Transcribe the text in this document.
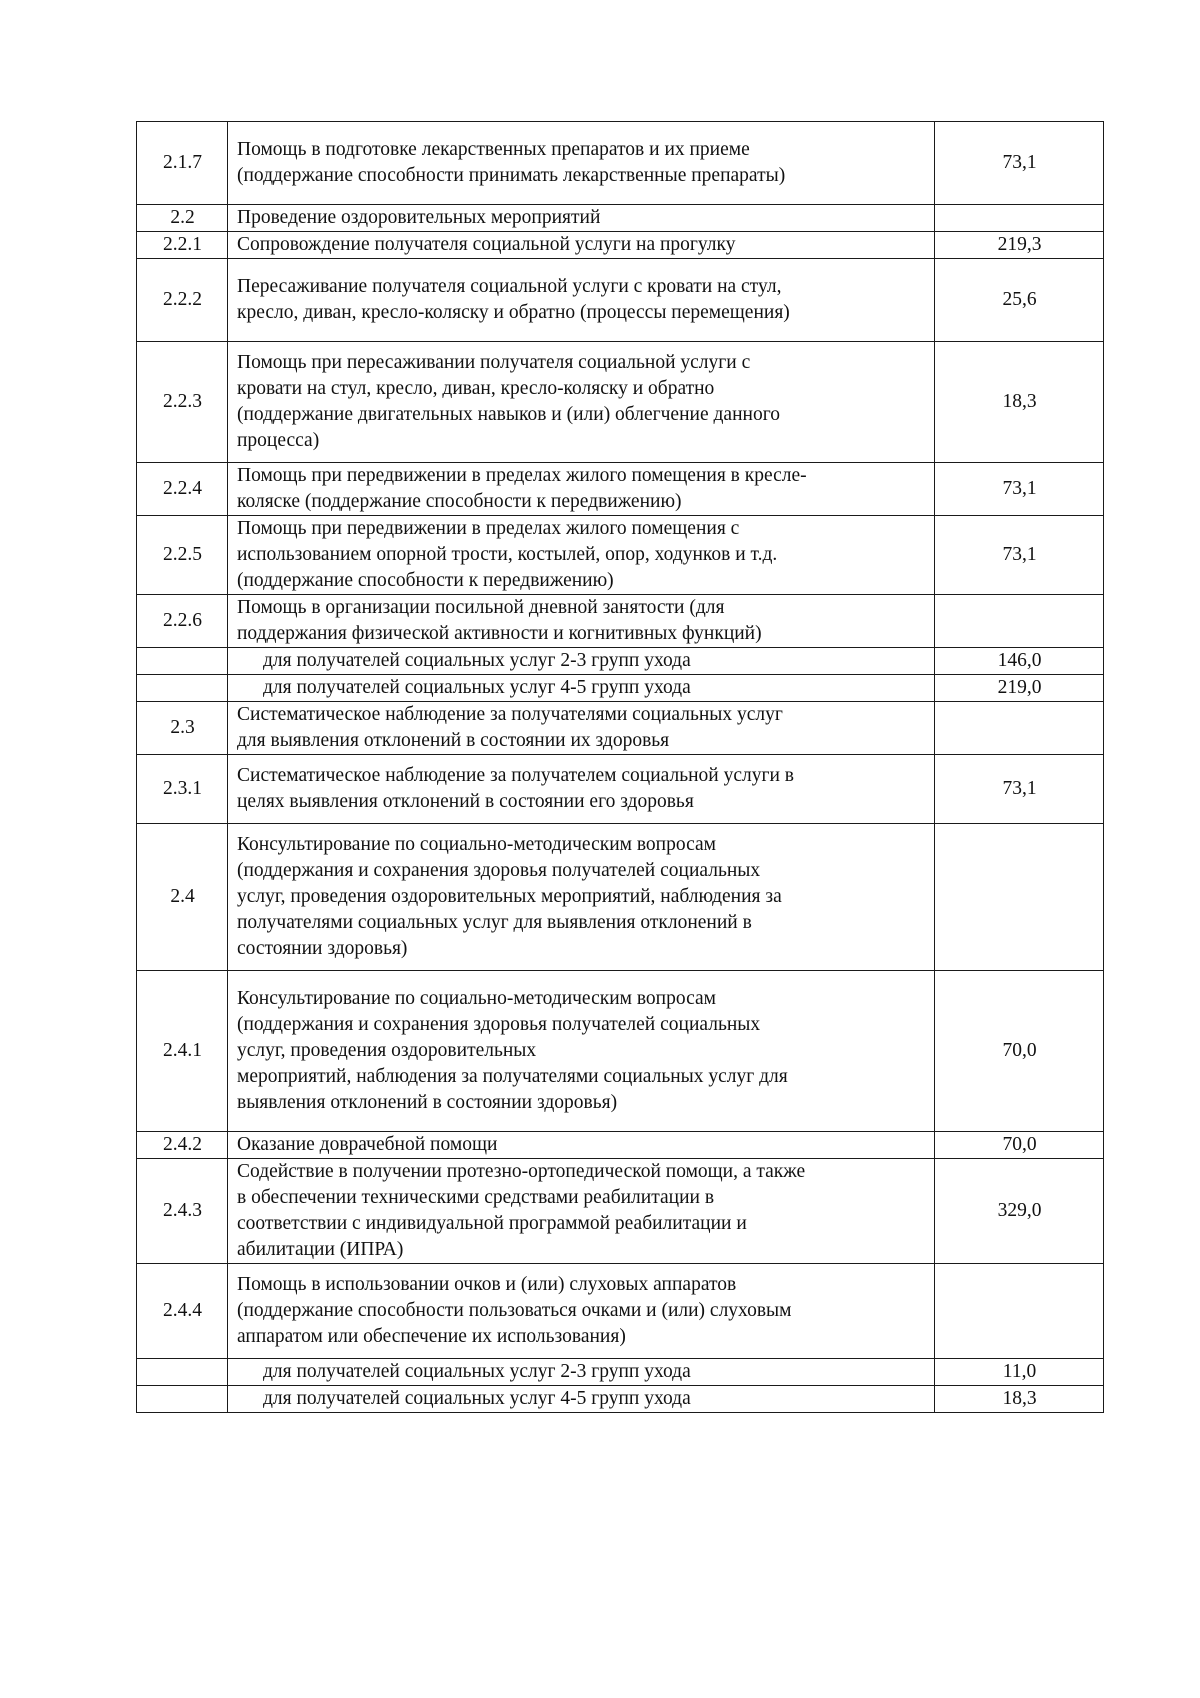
2.1.7	Помощь в подготовке лекарственных препаратов и их приеме
(поддержание способности принимать лекарственные препараты)	73,1
2.2	Проведение оздоровительных мероприятий	

2.2.1	Сопровождение получателя социальной услуги на прогулку	219,3
2.2.2	Пересаживание получателя социальной услуги с кровати на стул,
кресло, диван, кресло-коляску и обратно (процессы перемещения)	25,6
2.2.3	Помощь при пересаживании получателя социальной услуги с
кровати на стул, кресло, диван, кресло-коляску и обратно
(поддержание двигательных навыков и (или) облегчение данного
процесса)	18,3
2.2.4	Помощь при передвижении в пределах жилого помещения в кресле-
коляске (поддержание способности к передвижению)	73,1
2.2.5	Помощь при передвижении в пределах жилого помещения с
использованием опорной трости, костылей, опор, ходунков и т.д.
(поддержание способности к передвижению)	73,1
2.2.6	Помощь в организации посильной дневной занятости (для
поддержания физической активности и когнитивных функций)	

	для получателей социальных услуг 2-3 групп ухода	146,0

	для получателей социальных услуг 4-5 групп ухода	219,0
2.3	Систематическое наблюдение за получателями социальных услуг
для выявления отклонений в состоянии их здоровья	

2.3.1	Систематическое наблюдение за получателем социальной услуги в
целях выявления отклонений в состоянии его здоровья	73,1
2.4	Консультирование по социально-методическим вопросам
(поддержания и сохранения здоровья получателей социальных
услуг, проведения оздоровительных мероприятий, наблюдения за
получателями социальных услуг для выявления отклонений в
состоянии здоровья)	

2.4.1	Консультирование по социально-методическим вопросам
(поддержания и сохранения здоровья получателей социальных
услуг, проведения оздоровительных
мероприятий, наблюдения за получателями социальных услуг для
выявления отклонений в состоянии здоровья)	70,0
2.4.2	Оказание доврачебной помощи	70,0
2.4.3	Содействие в получении протезно-ортопедической помощи, а также
в обеспечении техническими средствами реабилитации в
соответствии с индивидуальной программой реабилитации и
абилитации (ИПРА)	329,0
2.4.4	Помощь в использовании очков и (или) слуховых аппаратов
(поддержание способности пользоваться очками и (или) слуховым
аппаратом или обеспечение их использования)	

	для получателей социальных услуг 2-3 групп ухода	11,0

	для получателей социальных услуг 4-5 групп ухода	18,3
